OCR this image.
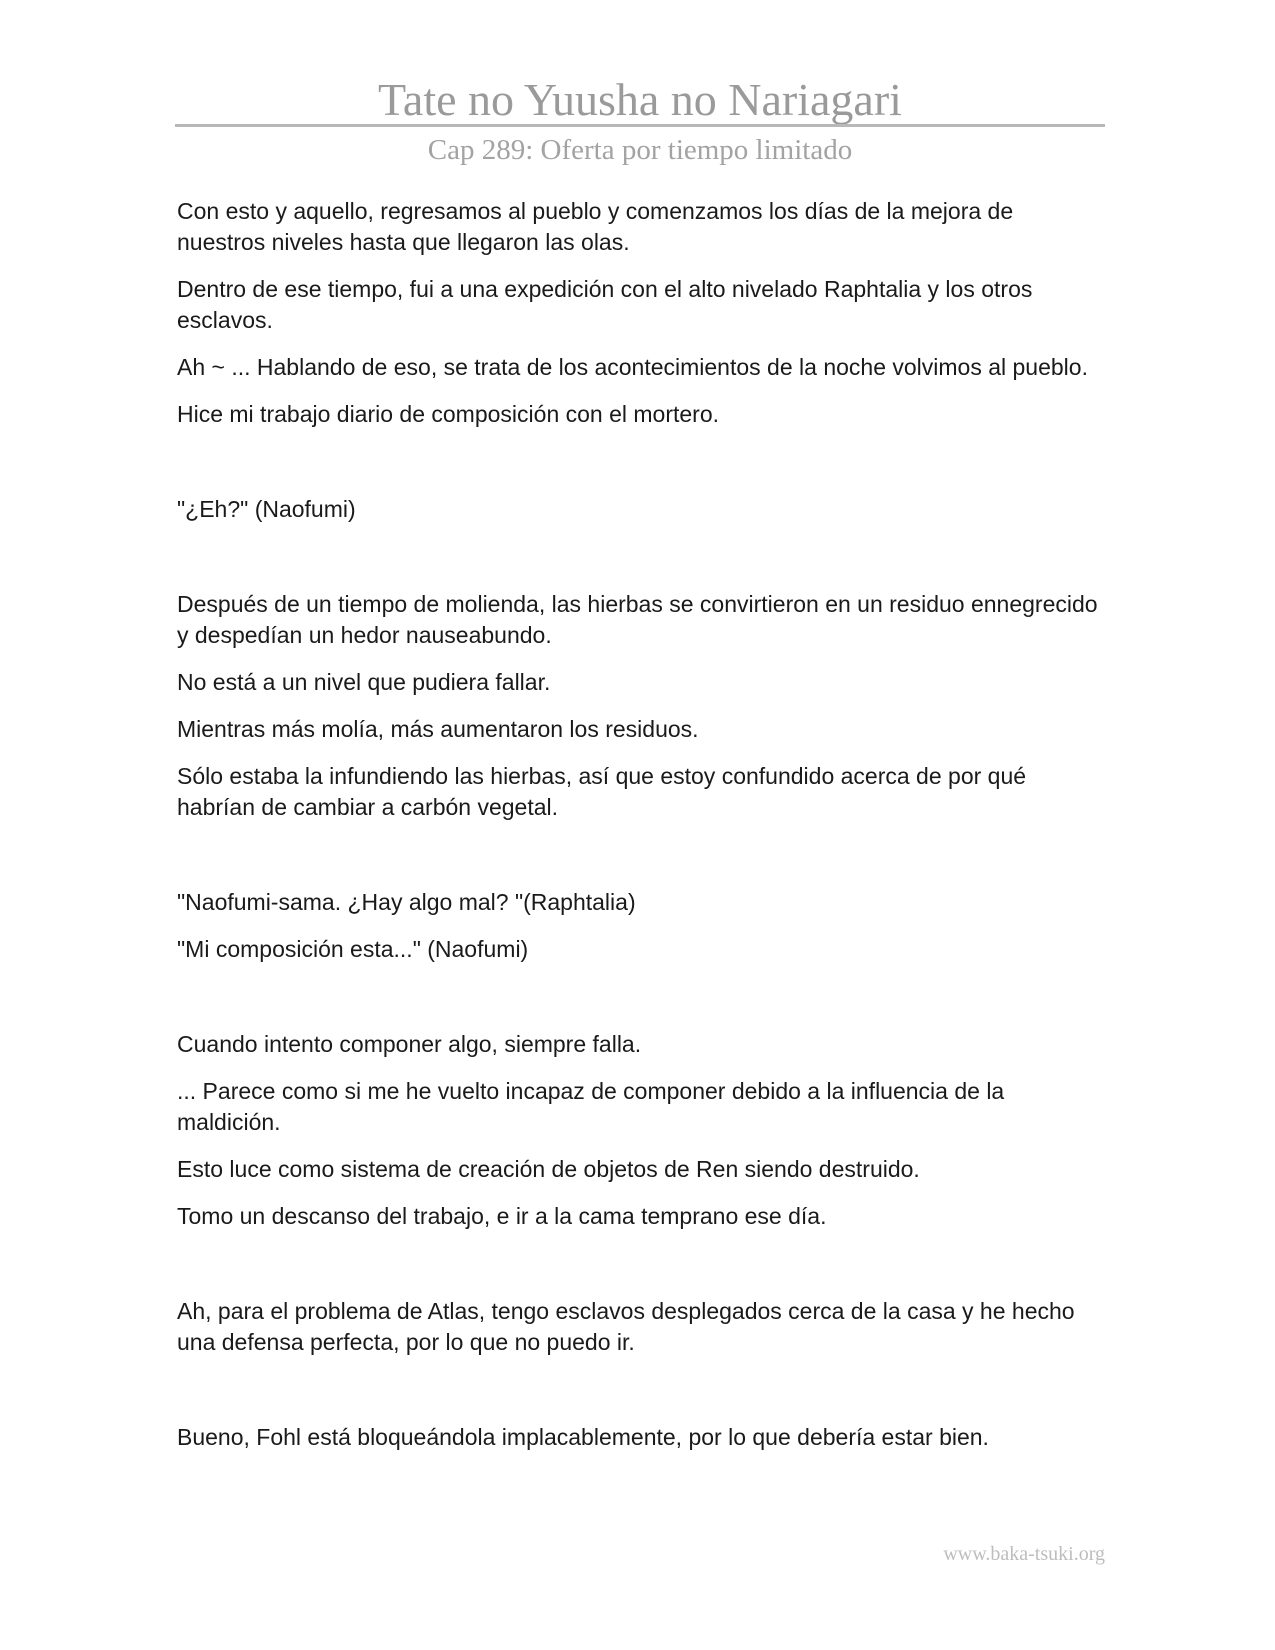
Tate no Yuusha no Nariagari
Cap 289: Oferta por tiempo limitado

Con esto y aquello, regresamos al pueblo y comenzamos los días de la mejora de nuestros niveles hasta que llegaron las olas.

Dentro de ese tiempo, fui a una expedición con el alto nivelado Raphtalia y los otros esclavos.

Ah ~ ... Hablando de eso, se trata de los acontecimientos de la noche volvimos al pueblo.

Hice mi trabajo diario de composición con el mortero.

"¿Eh?" (Naofumi)

Después de un tiempo de molienda, las hierbas se convirtieron en un residuo ennegrecido y despedían un hedor nauseabundo.

No está a un nivel que pudiera fallar.

Mientras más molía, más aumentaron los residuos.

Sólo estaba la infundiendo las hierbas, así que estoy confundido acerca de por qué habrían de cambiar a carbón vegetal.

"Naofumi-sama. ¿Hay algo mal? "(Raphtalia)

"Mi composición esta..." (Naofumi)

Cuando intento componer algo, siempre falla.

... Parece como si me he vuelto incapaz de componer debido a la influencia de la maldición.

Esto luce como sistema de creación de objetos de Ren siendo destruido.

Tomo un descanso del trabajo, e ir a la cama temprano ese día.

Ah, para el problema de Atlas, tengo esclavos desplegados cerca de la casa y he hecho una defensa perfecta, por lo que no puedo ir.

Bueno, Fohl está bloqueándola implacablemente, por lo que debería estar bien.

www.baka-tsuki.org
